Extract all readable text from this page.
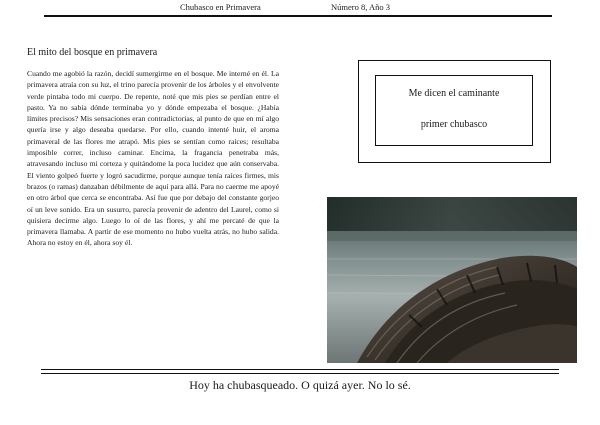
Chubasco en Primavera	Número 8, Año 3
El mito del bosque en primavera

Cuando me agobió la razón, decidí sumergirme en el bosque. Me interné en él. La primavera atraía con su luz, el trino parecía provenir de los árboles y el envolvente verde pintaba todo mi cuerpo. De repente, noté que mis pies se perdían entre el pasto. Ya no sabía dónde terminaba yo y dónde empezaba el bosque. ¿Había límites precisos? Mis sensaciones eran contradictorias, al punto de que en mí algo quería irse y algo deseaba quedarse. Por ello, cuando intenté huir, el aroma primaveral de las flores me atrapó. Mis pies se sentían como raíces; resultaba imposible correr, incluso caminar. Encima, la fragancia penetraba más, atravesando incluso mi corteza y quitándome la poca lucidez que aún conservaba. El viento golpeó fuerte y logró sacudirme, porque aunque tenía raíces firmes, mis brazos (o ramas) danzaban débilmente de aquí para allá. Para no caerme me apoyé en otro árbol que cerca se encontraba. Así fue que por debajo del constante gorjeo oí un leve sonido. Era un susurro, parecía provenir de adentro del Laurel, como si quisiera decirme algo. Luego lo oí de las flores, y ahí me percaté de que la primavera llamaba. A partir de ese momento no hubo vuelta atrás, no hubo salida. Ahora no estoy en él, ahora soy él.

Me dicen el caminante
primer chubasco
Hoy ha chubasqueado. O quizá ayer. No lo sé.
